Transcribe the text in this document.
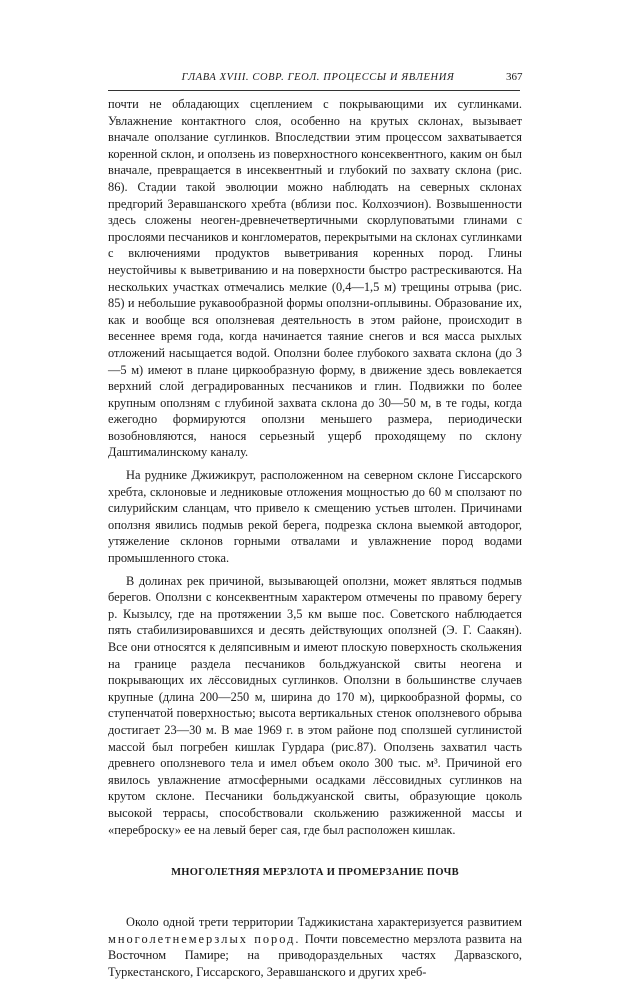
ГЛАВА XVIII. СОВР. ГЕОЛ. ПРОЦЕССЫ И ЯВЛЕНИЯ	367

почти не обладающих сцеплением с покрывающими их суглинками. Увлажнение контактного слоя, особенно на крутых склонах, вызывает вначале оползание суглинков. Впоследствии этим процессом захватывается коренной склон, и оползень из поверхностного консеквентного, каким он был вначале, превращается в инсеквентный и глубокий по захвату склона (рис. 86). Стадии такой эволюции можно наблюдать на северных склонах предгорий Зеравшанского хребта (вблизи пос. Колхозчион). Возвышенности здесь сложены неоген-древнечетвертичными скорлуповатыми глинами с прослоями песчаников и конгломератов, перекрытыми на склонах суглинками с включениями продуктов выветривания коренных пород. Глины неустойчивы к выветриванию и на поверхности быстро растрескиваются. На нескольких участках отмечались мелкие (0,4—1,5 м) трещины отрыва (рис. 85) и небольшие рукавообразной формы оползни-оплывины. Образование их, как и вообще вся оползневая деятельность в этом районе, происходит в весеннее время года, когда начинается таяние снегов и вся масса рыхлых отложений насыщается водой. Оползни более глубокого захвата склона (до 3—5 м) имеют в плане циркообразную форму, в движение здесь вовлекается верхний слой деградированных песчаников и глин. Подвижки по более крупным оползням с глубиной захвата склона до 30—50 м, в те годы, когда ежегодно формируются оползни меньшего размера, периодически возобновляются, нанося серьезный ущерб проходящему по склону Даштималинскому каналу.

На руднике Джижикрут, расположенном на северном склоне Гиссарского хребта, склоновые и ледниковые отложения мощностью до 60 м сползают по силурийским сланцам, что привело к смещению устьев штолен. Причинами оползня явились подмыв рекой берега, подрезка склона выемкой автодорог, утяжеление склонов горными отвалами и увлажнение пород водами промышленного стока.

В долинах рек причиной, вызывающей оползни, может являться подмыв берегов. Оползни с консеквентным характером отмечены по правому берегу р. Кызылсу, где на протяжении 3,5 км выше пос. Советского наблюдается пять стабилизировавшихся и десять действующих оползней (Э. Г. Саакян). Все они относятся к деляпсивным и имеют плоскую поверхность скольжения на границе раздела песчаников больджуанской свиты неогена и покрывающих их лёссовидных суглинков. Оползни в большинстве случаев крупные (длина 200—250 м, ширина до 170 м), циркообразной формы, со ступенчатой поверхностью; высота вертикальных стенок оползневого обрыва достигает 23—30 м. В мае 1969 г. в этом районе под сползшей суглинистой массой был погребен кишлак Гурдара (рис.87). Оползень захватил часть древнего оползневого тела и имел объем около 300 тыс. м³. Причиной его явилось увлажнение атмосферными осадками лёссовидных суглинков на крутом склоне. Песчаники больджуанской свиты, образующие цоколь высокой террасы, способствовали скольжению разжиженной массы и «переброску» ее на левый берег сая, где был расположен кишлак.

МНОГОЛЕТНЯЯ МЕРЗЛОТА И ПРОМЕРЗАНИЕ ПОЧВ

Около одной трети территории Таджикистана характеризуется развитием многолетнемерзлых пород. Почти повсеместно мерзлота развита на Восточном Памире; на приводораздельных частях Дарвазского, Туркестанского, Гиссарского, Зеравшанского и других хреб-
